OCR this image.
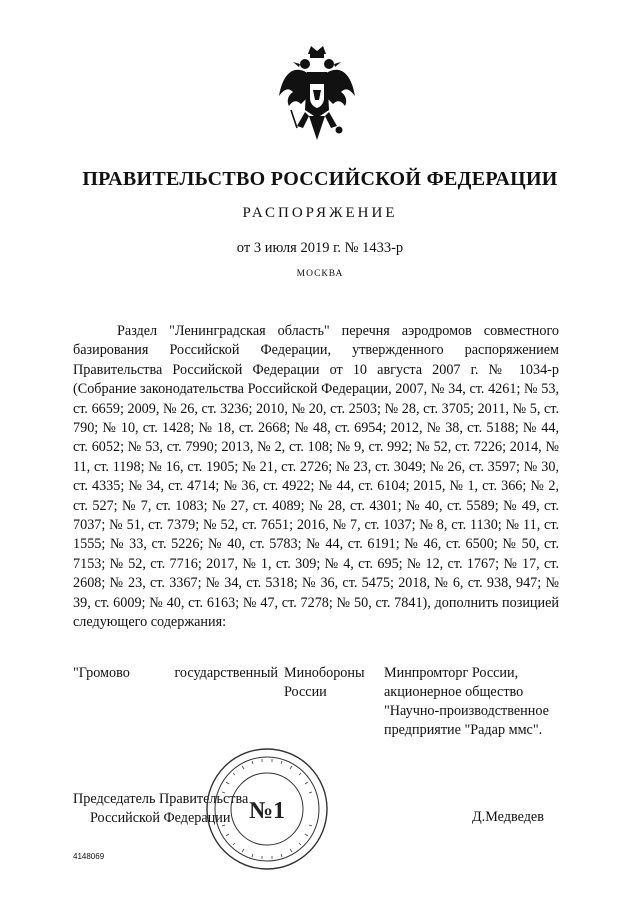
ПРАВИТЕЛЬСТВО РОССИЙСКОЙ ФЕДЕРАЦИИ
РАСПОРЯЖЕНИЕ
от 3 июля 2019 г. № 1433-р
МОСКВА

Раздел "Ленинградская область" перечня аэродромов совместного базирования Российской Федерации, утвержденного распоряжением Правительства Российской Федерации от 10 августа 2007 г. № 1034-р (Собрание законодательства Российской Федерации, 2007, № 34, ст. 4261; № 53, ст. 6659; 2009, № 26, ст. 3236; 2010, № 20, ст. 2503; № 28, ст. 3705; 2011, № 5, ст. 790; № 10, ст. 1428; № 18, ст. 2668; № 48, ст. 6954; 2012, № 38, ст. 5188; № 44, ст. 6052; № 53, ст. 7990; 2013, № 2, ст. 108; № 9, ст. 992; № 52, ст. 7226; 2014, № 11, ст. 1198; № 16, ст. 1905; № 21, ст. 2726; № 23, ст. 3049; № 26, ст. 3597; № 30, ст. 4335; № 34, ст. 4714; № 36, ст. 4922; № 44, ст. 6104; 2015, № 1, ст. 366; № 2, ст. 527; № 7, ст. 1083; № 27, ст. 4089; № 28, ст. 4301; № 40, ст. 5589; № 49, ст. 7037; № 51, ст. 7379; № 52, ст. 7651; 2016, № 7, ст. 1037; № 8, ст. 1130; № 11, ст. 1555; № 33, ст. 5226; № 40, ст. 5783; № 44, ст. 6191; № 46, ст. 6500; № 50, ст. 7153; № 52, ст. 7716; 2017, № 1, ст. 309; № 4, ст. 695; № 12, ст. 1767; № 17, ст. 2608; № 23, ст. 3367; № 34, ст. 5318; № 36, ст. 5475; 2018, № 6, ст. 938, 947; № 39, ст. 6009; № 40, ст. 6163; № 47, ст. 7278; № 50, ст. 7841), дополнить позицией следующего содержания:

"Громово государственный Минобороны России
Минпромторг России, акционерное общество "Научно-производственное предприятие "Радар ммс".
Председатель Правительства
Российской Федерации	Д.Медведев
№1
4148069
